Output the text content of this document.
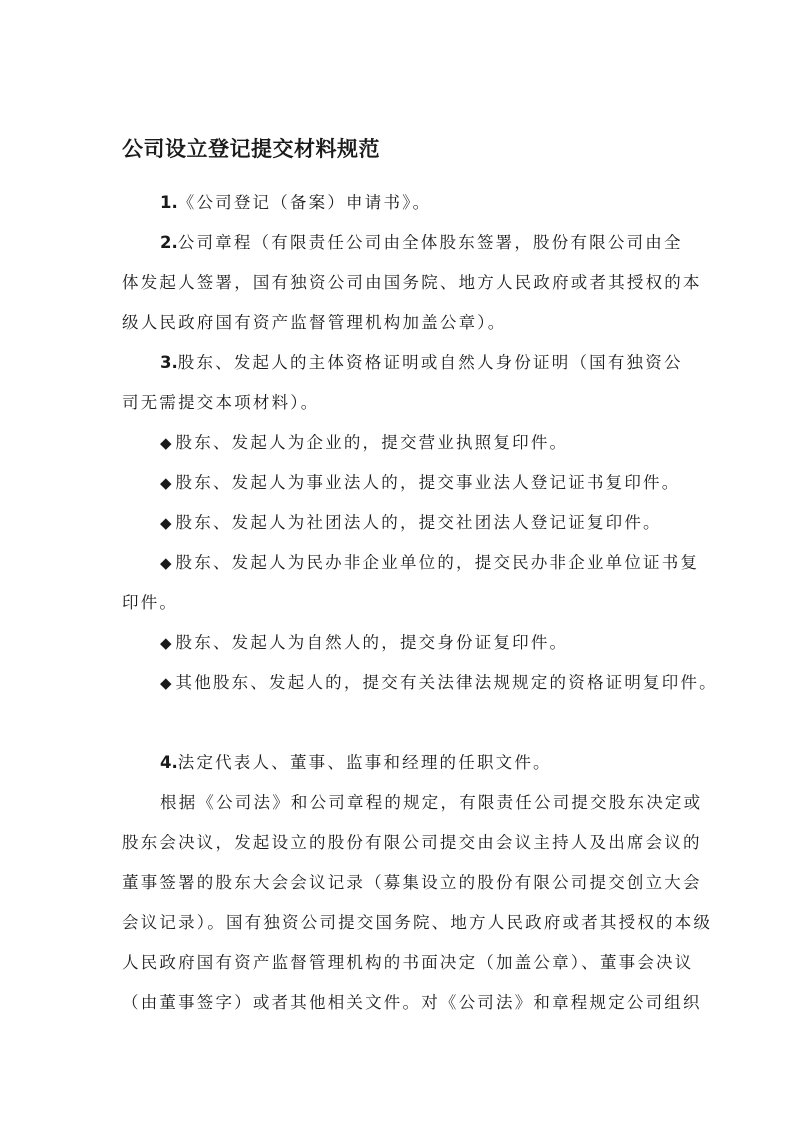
公司设立登记提交材料规范
1.《公司登记（备案）申请书》。
2.公司章程（有限责任公司由全体股东签署，股份有限公司由全
体发起人签署，国有独资公司由国务院、地方人民政府或者其授权的本
级人民政府国有资产监督管理机构加盖公章）。
3.股东、发起人的主体资格证明或自然人身份证明（国有独资公
司无需提交本项材料）。
◆ 股东、发起人为企业的，提交营业执照复印件。
◆ 股东、发起人为事业法人的，提交事业法人登记证书复印件。
◆ 股东、发起人为社团法人的，提交社团法人登记证复印件。
◆ 股东、发起人为民办非企业单位的，提交民办非企业单位证书复
印件。
◆ 股东、发起人为自然人的，提交身份证复印件。
◆ 其他股东、发起人的，提交有关法律法规规定的资格证明复印件。
4.法定代表人、董事、监事和经理的任职文件。
根据《公司法》和公司章程的规定，有限责任公司提交股东决定或
股东会决议，发起设立的股份有限公司提交由会议主持人及出席会议的
董事签署的股东大会会议记录（募集设立的股份有限公司提交创立大会
会议记录）。国有独资公司提交国务院、地方人民政府或者其授权的本级
人民政府国有资产监督管理机构的书面决定（加盖公章）、董事会决议
（由董事签字）或者其他相关文件。对《公司法》和章程规定公司组织
